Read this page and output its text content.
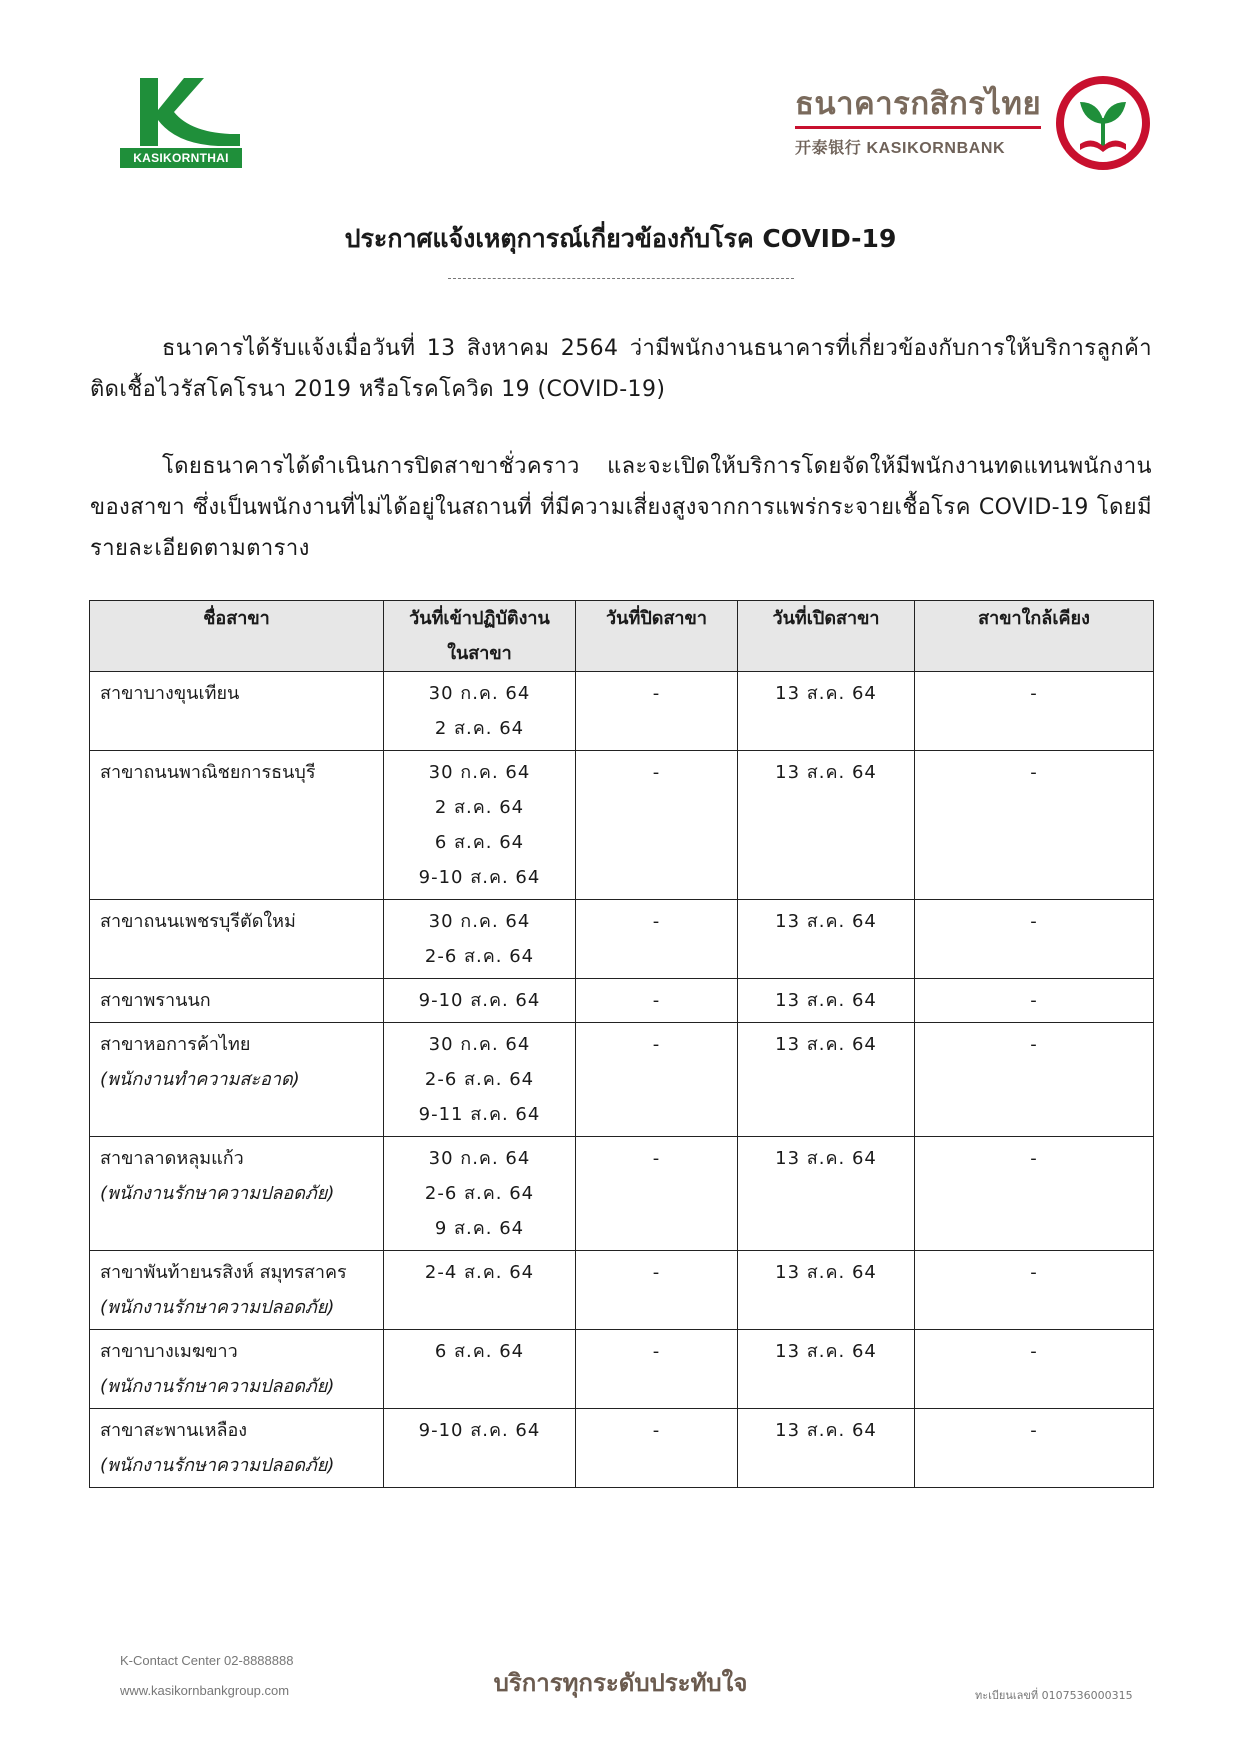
KASIKORNTHAI
ธนาคารกสิกรไทย
开泰银行 KASIKORNBANK
ประกาศแจ้งเหตุการณ์เกี่ยวข้องกับโรค COVID-19
ธนาคารได้รับแจ้งเมื่อวันที่ 13 สิงหาคม 2564 ว่ามีพนักงานธนาคารที่เกี่ยวข้องกับการให้บริการลูกค้า ติดเชื้อไวรัสโคโรนา 2019 หรือโรคโควิด 19 (COVID-19)
โดยธนาคารได้ดำเนินการปิดสาขาชั่วคราว และจะเปิดให้บริการโดยจัดให้มีพนักงานทดแทนพนักงานของสาขา ซึ่งเป็นพนักงานที่ไม่ได้อยู่ในสถานที่ ที่มีความเสี่ยงสูงจากการแพร่กระจายเชื้อโรค COVID-19 โดยมีรายละเอียดตามตาราง
ชื่อสาขา	วันที่เข้าปฏิบัติงาน
ในสาขา	วันที่ปิดสาขา	วันที่เปิดสาขา	สาขาใกล้เคียง

สาขาบางขุนเทียน	30 ก.ค. 64
2 ส.ค. 64	-	13 ส.ค. 64	-

สาขาถนนพาณิชยการธนบุรี	30 ก.ค. 64
2 ส.ค. 64
6 ส.ค. 64
9-10 ส.ค. 64	-	13 ส.ค. 64	-

สาขาถนนเพชรบุรีตัดใหม่	30 ก.ค. 64
2-6 ส.ค. 64	-	13 ส.ค. 64	-

สาขาพรานนก	9-10 ส.ค. 64	-	13 ส.ค. 64	-

สาขาหอการค้าไทย
(พนักงานทำความสะอาด)	30 ก.ค. 64
2-6 ส.ค. 64
9-11 ส.ค. 64	-	13 ส.ค. 64	-

สาขาลาดหลุมแก้ว
(พนักงานรักษาความปลอดภัย)	30 ก.ค. 64
2-6 ส.ค. 64
9 ส.ค. 64	-	13 ส.ค. 64	-

สาขาพันท้ายนรสิงห์ สมุทรสาคร
(พนักงานรักษาความปลอดภัย)	2-4 ส.ค. 64	-	13 ส.ค. 64	-

สาขาบางเมฆขาว
(พนักงานรักษาความปลอดภัย)	6 ส.ค. 64	-	13 ส.ค. 64	-

สาขาสะพานเหลือง
(พนักงานรักษาความปลอดภัย)	9-10 ส.ค. 64	-	13 ส.ค. 64	-
K-Contact Center 02-8888888
www.kasikornbankgroup.com	บริการทุกระดับประทับใจ	ทะเบียนเลขที่ 0107536000315
